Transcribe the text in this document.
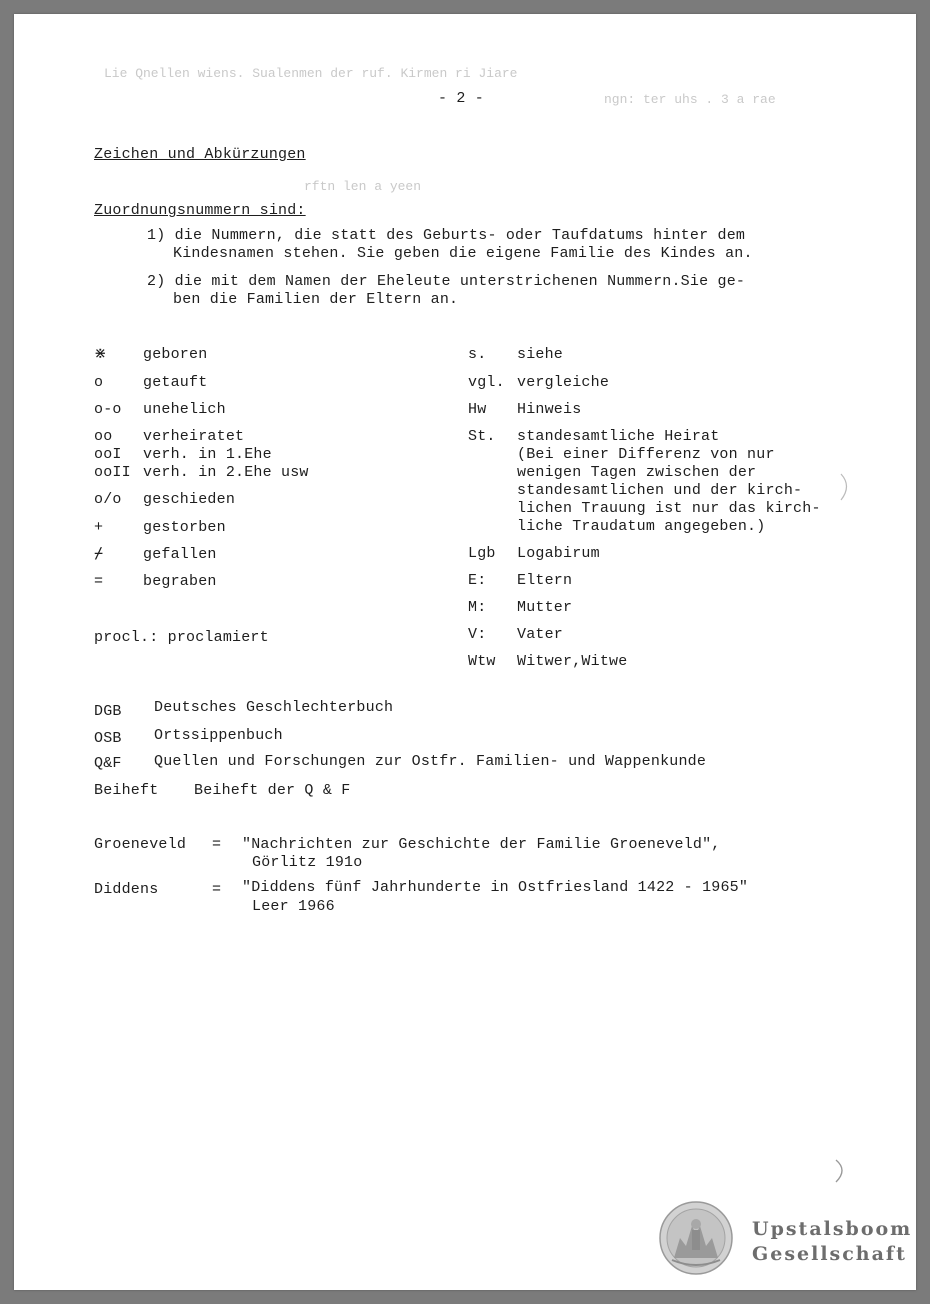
Lie Qnellen wiens. Sualenmen der ruf. Kirmen ri Jiare
ngn: ter uhs . 3 a rae
rftn len a yeen
- 2 -
Zeichen und Abkürzungen
Zuordnungsnummern sind:
1) die Nummern, die statt des Geburts- oder Taufdatums hinter dem
Kindesnamen stehen. Sie geben die eigene Familie des Kindes an.
2) die mit dem Namen der Eheleute unterstrichenen Nummern.Sie ge-
ben die Familien der Eltern an.
⋇ geboren
o	getauft
o-o unehelich
oo verheiratet
ooI verh. in 1.Ehe
ooII verh. in 2.Ehe usw
o/o geschieden
+	gestorben
⌿	gefallen
=	begraben
procl.: proclamiert
s. siehe
vgl. vergleiche
Hw Hinweis
St. standesamtliche Heirat
(Bei einer Differenz von nur
wenigen Tagen zwischen der
standesamtlichen und der kirch-
lichen Trauung ist nur das kirch-
liche Traudatum angegeben.)
Lgb Logabirum
E: Eltern
M: Mutter
V: Vater
Wtw Witwer,Witwe
DGB Deutsches Geschlechterbuch
OSB Ortssippenbuch
Q&F Quellen und Forschungen zur Ostfr. Familien- und Wappenkunde
Beiheft Beiheft der Q & F
Groeneveld = "Nachrichten zur Geschichte der Familie Groeneveld",
Görlitz 191o
Diddens	= "Diddens fünf Jahrhunderte in Ostfriesland 1422 - 1965"
Leer 1966
Upstalsboom
Gesellschaft
